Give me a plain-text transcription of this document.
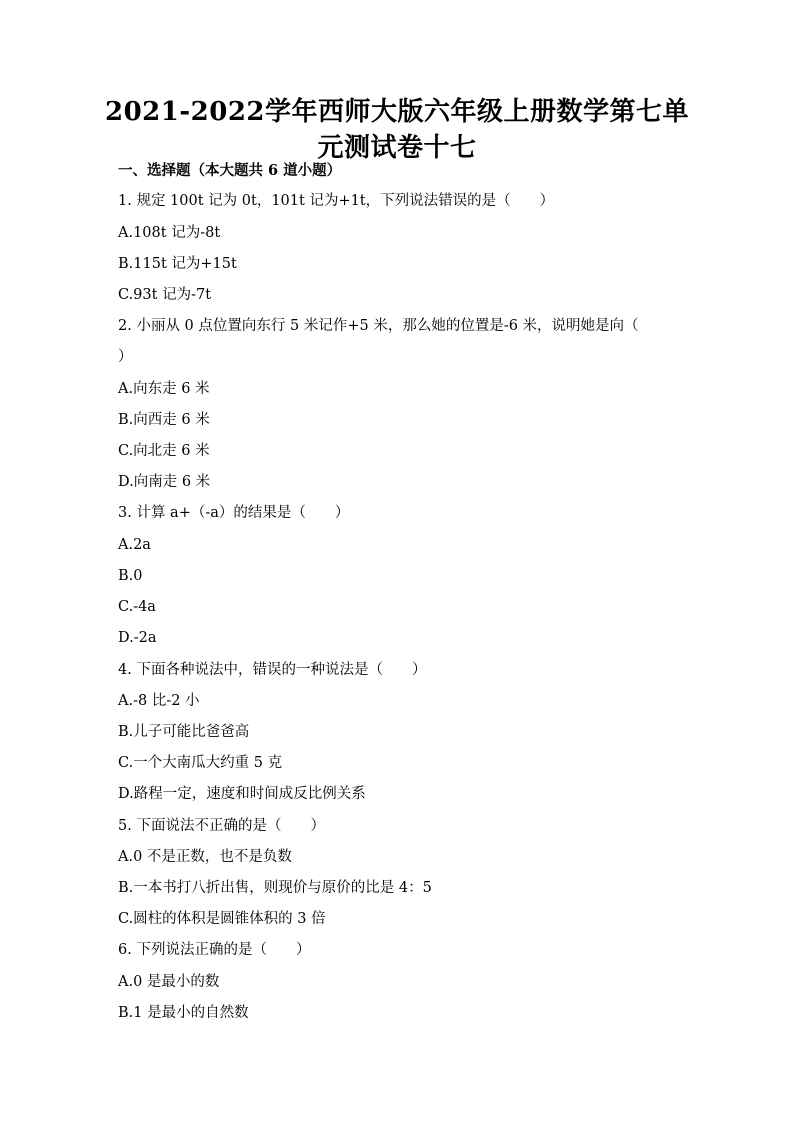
2021-2022学年西师大版六年级上册数学第七单
元测试卷十七
一、选择题（本大题共 6 道小题）
1. 规定 100t 记为 0t，101t 记为+1t，下列说法错误的是（　　）
A.108t 记为-8t
B.115t 记为+15t
C.93t 记为-7t
2. 小丽从 0 点位置向东行 5 米记作+5 米，那么她的位置是-6 米，说明她是向（
）
A.向东走 6 米
B.向西走 6 米
C.向北走 6 米
D.向南走 6 米
3. 计算 a+（-a）的结果是（　　）
A.2a
B.0
C.-4a
D.-2a
4. 下面各种说法中，错误的一种说法是（　　）
A.-8 比-2 小
B.儿子可能比爸爸高
C.一个大南瓜大约重 5 克
D.路程一定，速度和时间成反比例关系
5. 下面说法不正确的是（　　）
A.0 不是正数，也不是负数
B.一本书打八折出售，则现价与原价的比是 4：5
C.圆柱的体积是圆锥体积的 3 倍
6. 下列说法正确的是（　　）
A.0 是最小的数
B.1 是最小的自然数
